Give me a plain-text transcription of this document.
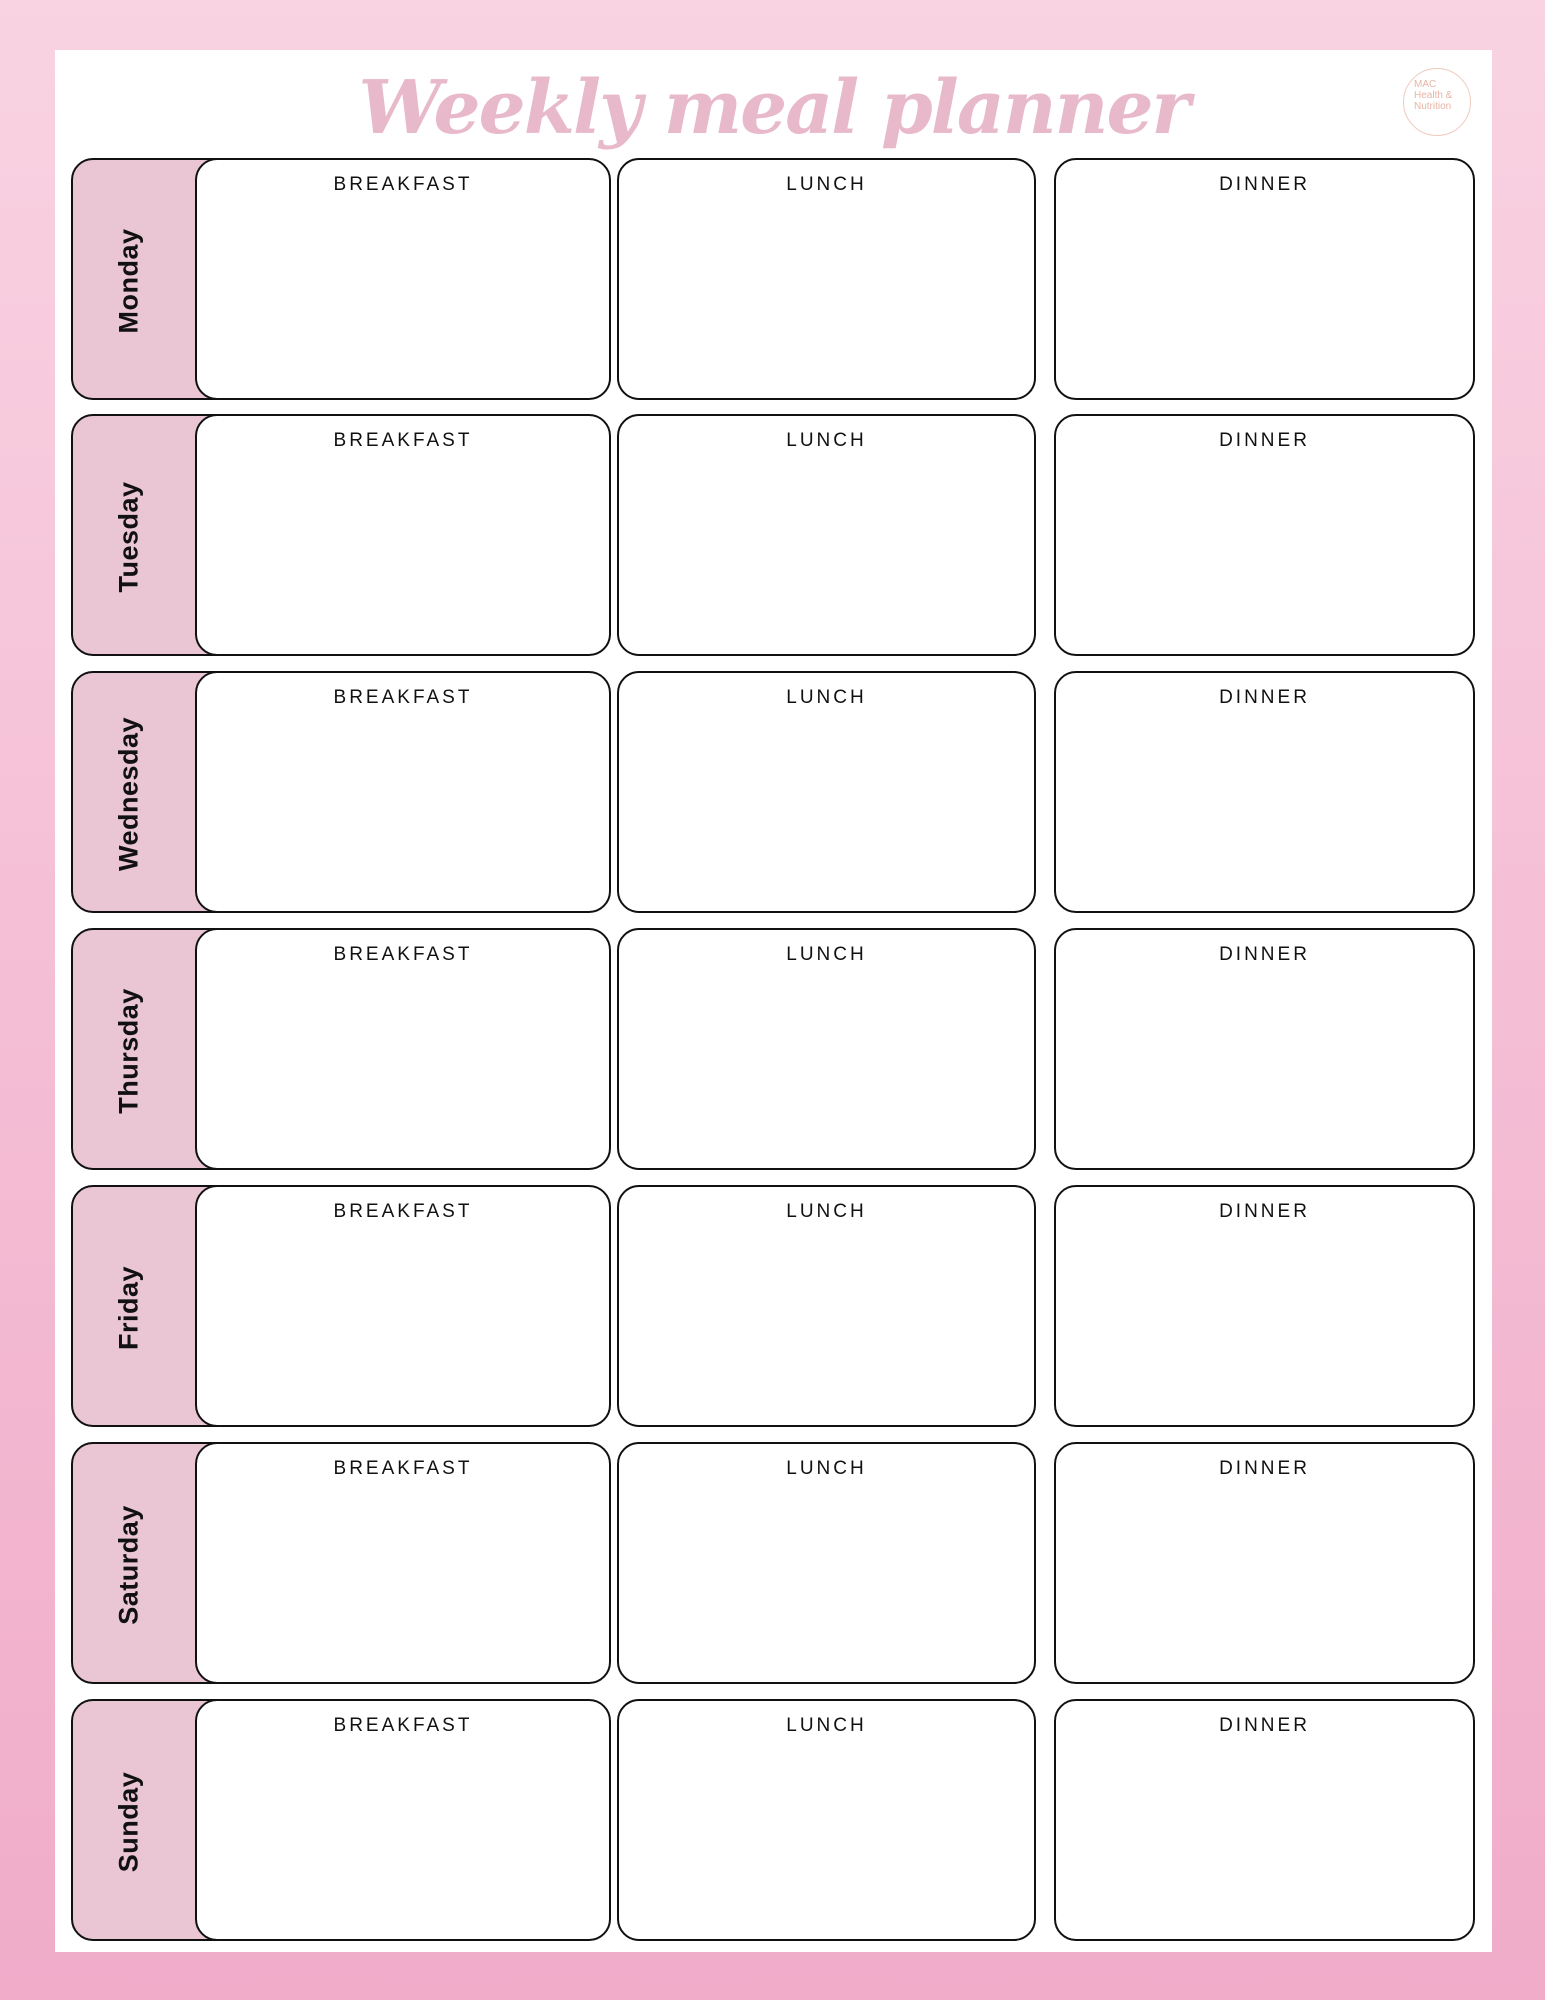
Weekly meal planner	MAC
Health &
Nutrition
Monday
BREAKFAST	LUNCH	DINNER
Tuesday
BREAKFAST	LUNCH	DINNER
Wednesday
BREAKFAST	LUNCH	DINNER
Thursday
BREAKFAST	LUNCH	DINNER
Friday
BREAKFAST	LUNCH	DINNER
Saturday
BREAKFAST	LUNCH	DINNER
Sunday
BREAKFAST	LUNCH	DINNER
